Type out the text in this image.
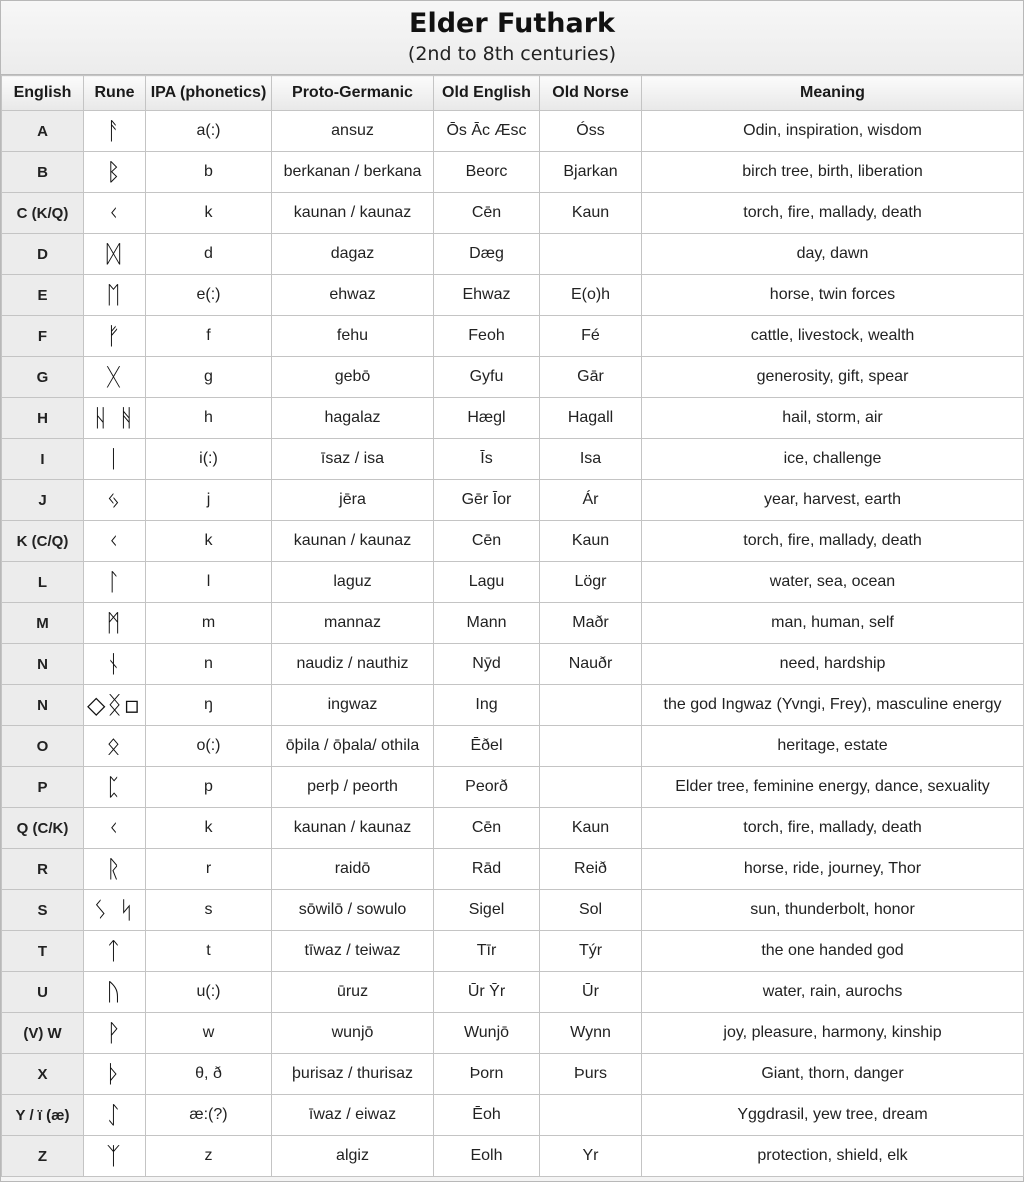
Elder Futhark
(2nd to 8th centuries)
English	Rune	IPA (phonetics)	Proto-Germanic	Old English	Old Norse	Meaning
A	ᚨ	a(:)	ansuz	Ōs Āc Æsc	Óss	Odin, inspiration, wisdom
B	ᛒ	b	berkanan / berkana	Beorc	Bjarkan	birch tree, birth, liberation
C (K/Q)	ᚲ	k	kaunan / kaunaz	Cēn	Kaun	torch, fire, mallady, death
D	ᛞ	d	dagaz	Dæg		day, dawn
E	ᛖ	e(:)	ehwaz	Ehwaz	E(o)h	horse, twin forces
F	ᚠ	f	fehu	Feoh	Fé	cattle, livestock, wealth
G	ᚷ	g	gebō	Gyfu	Gār	generosity, gift, spear
H	ᚺ ᚻ	h	hagalaz	Hægl	Hagall	hail, storm, air
I	ᛁ	i(:)	īsaz / isa	Īs	Isa	ice, challenge
J	ᛃ	j	jēra	Gēr Īor	Ár	year, harvest, earth
K (C/Q)	ᚲ	k	kaunan / kaunaz	Cēn	Kaun	torch, fire, mallady, death
L	ᛚ	l	laguz	Lagu	Lögr	water, sea, ocean
M	ᛗ	m	mannaz	Mann	Maðr	man, human, self
N	ᚾ	n	naudiz / nauthiz	Nȳd	Nauðr	need, hardship
N	◇ᛝ▫	ŋ	ingwaz	Ing		the god Ingwaz (Yvngi, Frey), masculine energy
O	ᛟ	o(:)	ōþila / ōþala/ othila	Ēðel		heritage, estate
P	ᛈ	p	perþ / peorth	Peorð		Elder tree, feminine energy, dance, sexuality
Q (C/K)	ᚲ	k	kaunan / kaunaz	Cēn	Kaun	torch, fire, mallady, death
R	ᚱ	r	raidō	Rād	Reið	horse, ride, journey, Thor
S	ᛊ ᛋ	s	sōwilō / sowulo	Sigel	Sol	sun, thunderbolt, honor
T	ᛏ	t	tīwaz / teiwaz	Tīr	Týr	the one handed god
U	ᚢ	u(:)	ūruz	Ūr Ȳr	Ūr	water, rain, aurochs
(V) W	ᚹ	w	wunjō	Wunjō	Wynn	joy, pleasure, harmony, kinship
X	ᚦ	θ, ð	þurisaz / thurisaz	Þorn	Þurs	Giant, thorn, danger
Y / ï (æ)	ᛇ	æ:(?)	īwaz / eiwaz	Ēoh		Yggdrasil, yew tree, dream
Z	ᛉ	z	algiz	Eolh	Yr	protection, shield, elk
